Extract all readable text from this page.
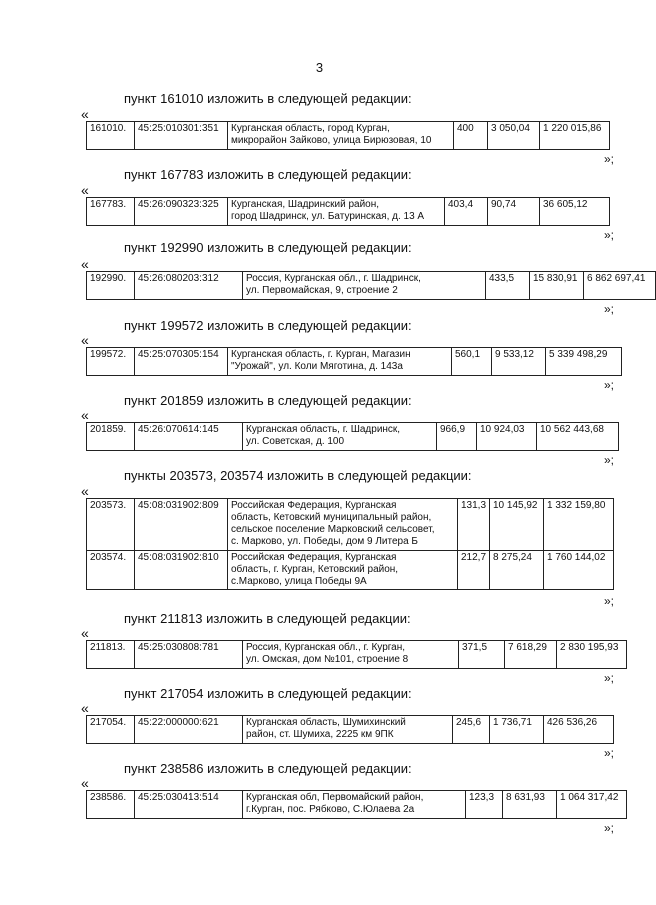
3
пункт 161010 изложить в следующей редакции:
«
161010.	45:25:010301:351	Курганская область, город Курган,
микрорайон Зайково, улица Бирюзовая, 10	400	3 050,04	1 220 015,86
»;
пункт 167783 изложить в следующей редакции:
«
167783.	45:26:090323:325	Курганская, Шадринский район,
город Шадринск, ул. Батуринская, д. 13 А	403,4	90,74	36 605,12
»;
пункт 192990 изложить в следующей редакции:
«
192990.	45:26:080203:312	Россия, Курганская обл., г. Шадринск,
ул. Первомайская, 9, строение 2	433,5	15 830,91	6 862 697,41
»;
пункт 199572 изложить в следующей редакции:
«
199572.	45:25:070305:154	Курганская область, г. Курган, Магазин
"Урожай", ул. Коли Мяготина, д. 143а	560,1	9 533,12	5 339 498,29
»;
пункт 201859 изложить в следующей редакции:
«
201859.	45:26:070614:145	Курганская область, г. Шадринск,
ул. Советская, д. 100	966,9	10 924,03	10 562 443,68
»;
пункты 203573, 203574 изложить в следующей редакции:
«
203573.	45:08:031902:809	Российская Федерация, Курганская
область, Кетовский муниципальный район,
сельское поселение Марковский сельсовет,
с. Марково, ул. Победы, дом 9 Литера Б	131,3	10 145,92	1 332 159,80
203574.	45:08:031902:810	Российская Федерация, Курганская
область, г. Курган, Кетовский район,
с.Марково, улица Победы 9А	212,7	8 275,24	1 760 144,02
»;
пункт 211813 изложить в следующей редакции:
«
211813.	45:25:030808:781	Россия, Курганская обл., г. Курган,
ул. Омская, дом №101, строение 8	371,5	7 618,29	2 830 195,93
»;
пункт 217054 изложить в следующей редакции:
«
217054.	45:22:000000:621	Курганская область, Шумихинский
район, ст. Шумиха, 2225 км 9ПК	245,6	1 736,71	426 536,26
»;
пункт 238586 изложить в следующей редакции:
«
238586.	45:25:030413:514	Курганская обл, Первомайский район,
г.Курган, пос. Рябково, С.Юлаева 2а	123,3	8 631,93	1 064 317,42
»;
